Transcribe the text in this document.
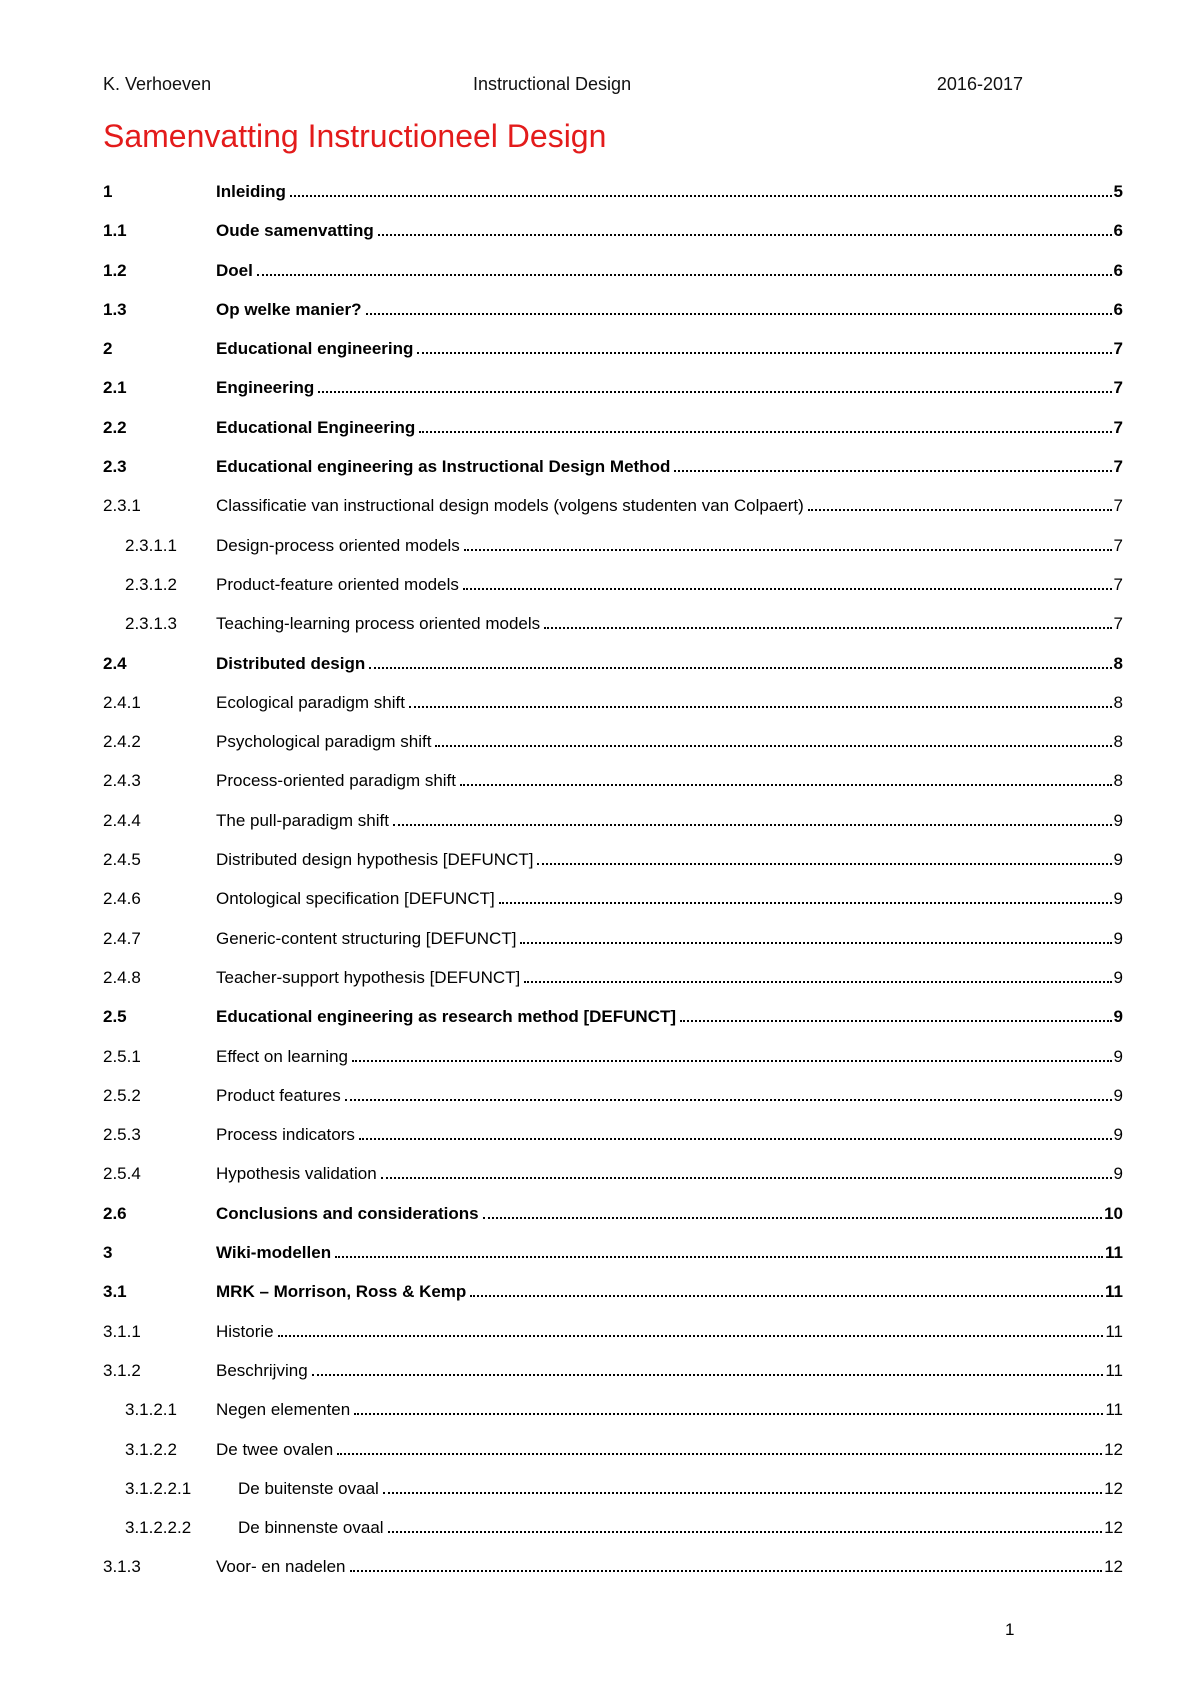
K. Verhoeven	Instructional Design	2016-2017
Samenvatting Instructioneel Design
1	Inleiding	5
1.1	Oude samenvatting	6
1.2	Doel	6
1.3	Op welke manier?	6
2	Educational engineering	7
2.1	Engineering	7
2.2	Educational Engineering	7
2.3	Educational engineering as Instructional Design Method	7
2.3.1	Classificatie van instructional design models (volgens studenten van Colpaert)	7
2.3.1.1 Design-process oriented models	7
2.3.1.2 Product-feature oriented models	7
2.3.1.3 Teaching-learning process oriented models	7
2.4	Distributed design	8
2.4.1	Ecological paradigm shift	8
2.4.2	Psychological paradigm shift	8
2.4.3	Process-oriented paradigm shift	8
2.4.4	The pull-paradigm shift	9
2.4.5	Distributed design hypothesis [DEFUNCT]	9
2.4.6	Ontological specification [DEFUNCT]	9
2.4.7	Generic-content structuring [DEFUNCT]	9
2.4.8	Teacher-support hypothesis [DEFUNCT]	9
2.5	Educational engineering as research method [DEFUNCT]	9
2.5.1	Effect on learning	9
2.5.2	Product features	9
2.5.3	Process indicators	9
2.5.4	Hypothesis validation	9
2.6	Conclusions and considerations	10
3	Wiki-modellen	11
3.1	MRK – Morrison, Ross & Kemp	11
3.1.1	Historie	11
3.1.2	Beschrijving	11
3.1.2.1 Negen elementen	11
3.1.2.2 De twee ovalen	12
3.1.2.2.1	De buitenste ovaal	12
3.1.2.2.2	De binnenste ovaal	12
3.1.3	Voor- en nadelen	12
1
